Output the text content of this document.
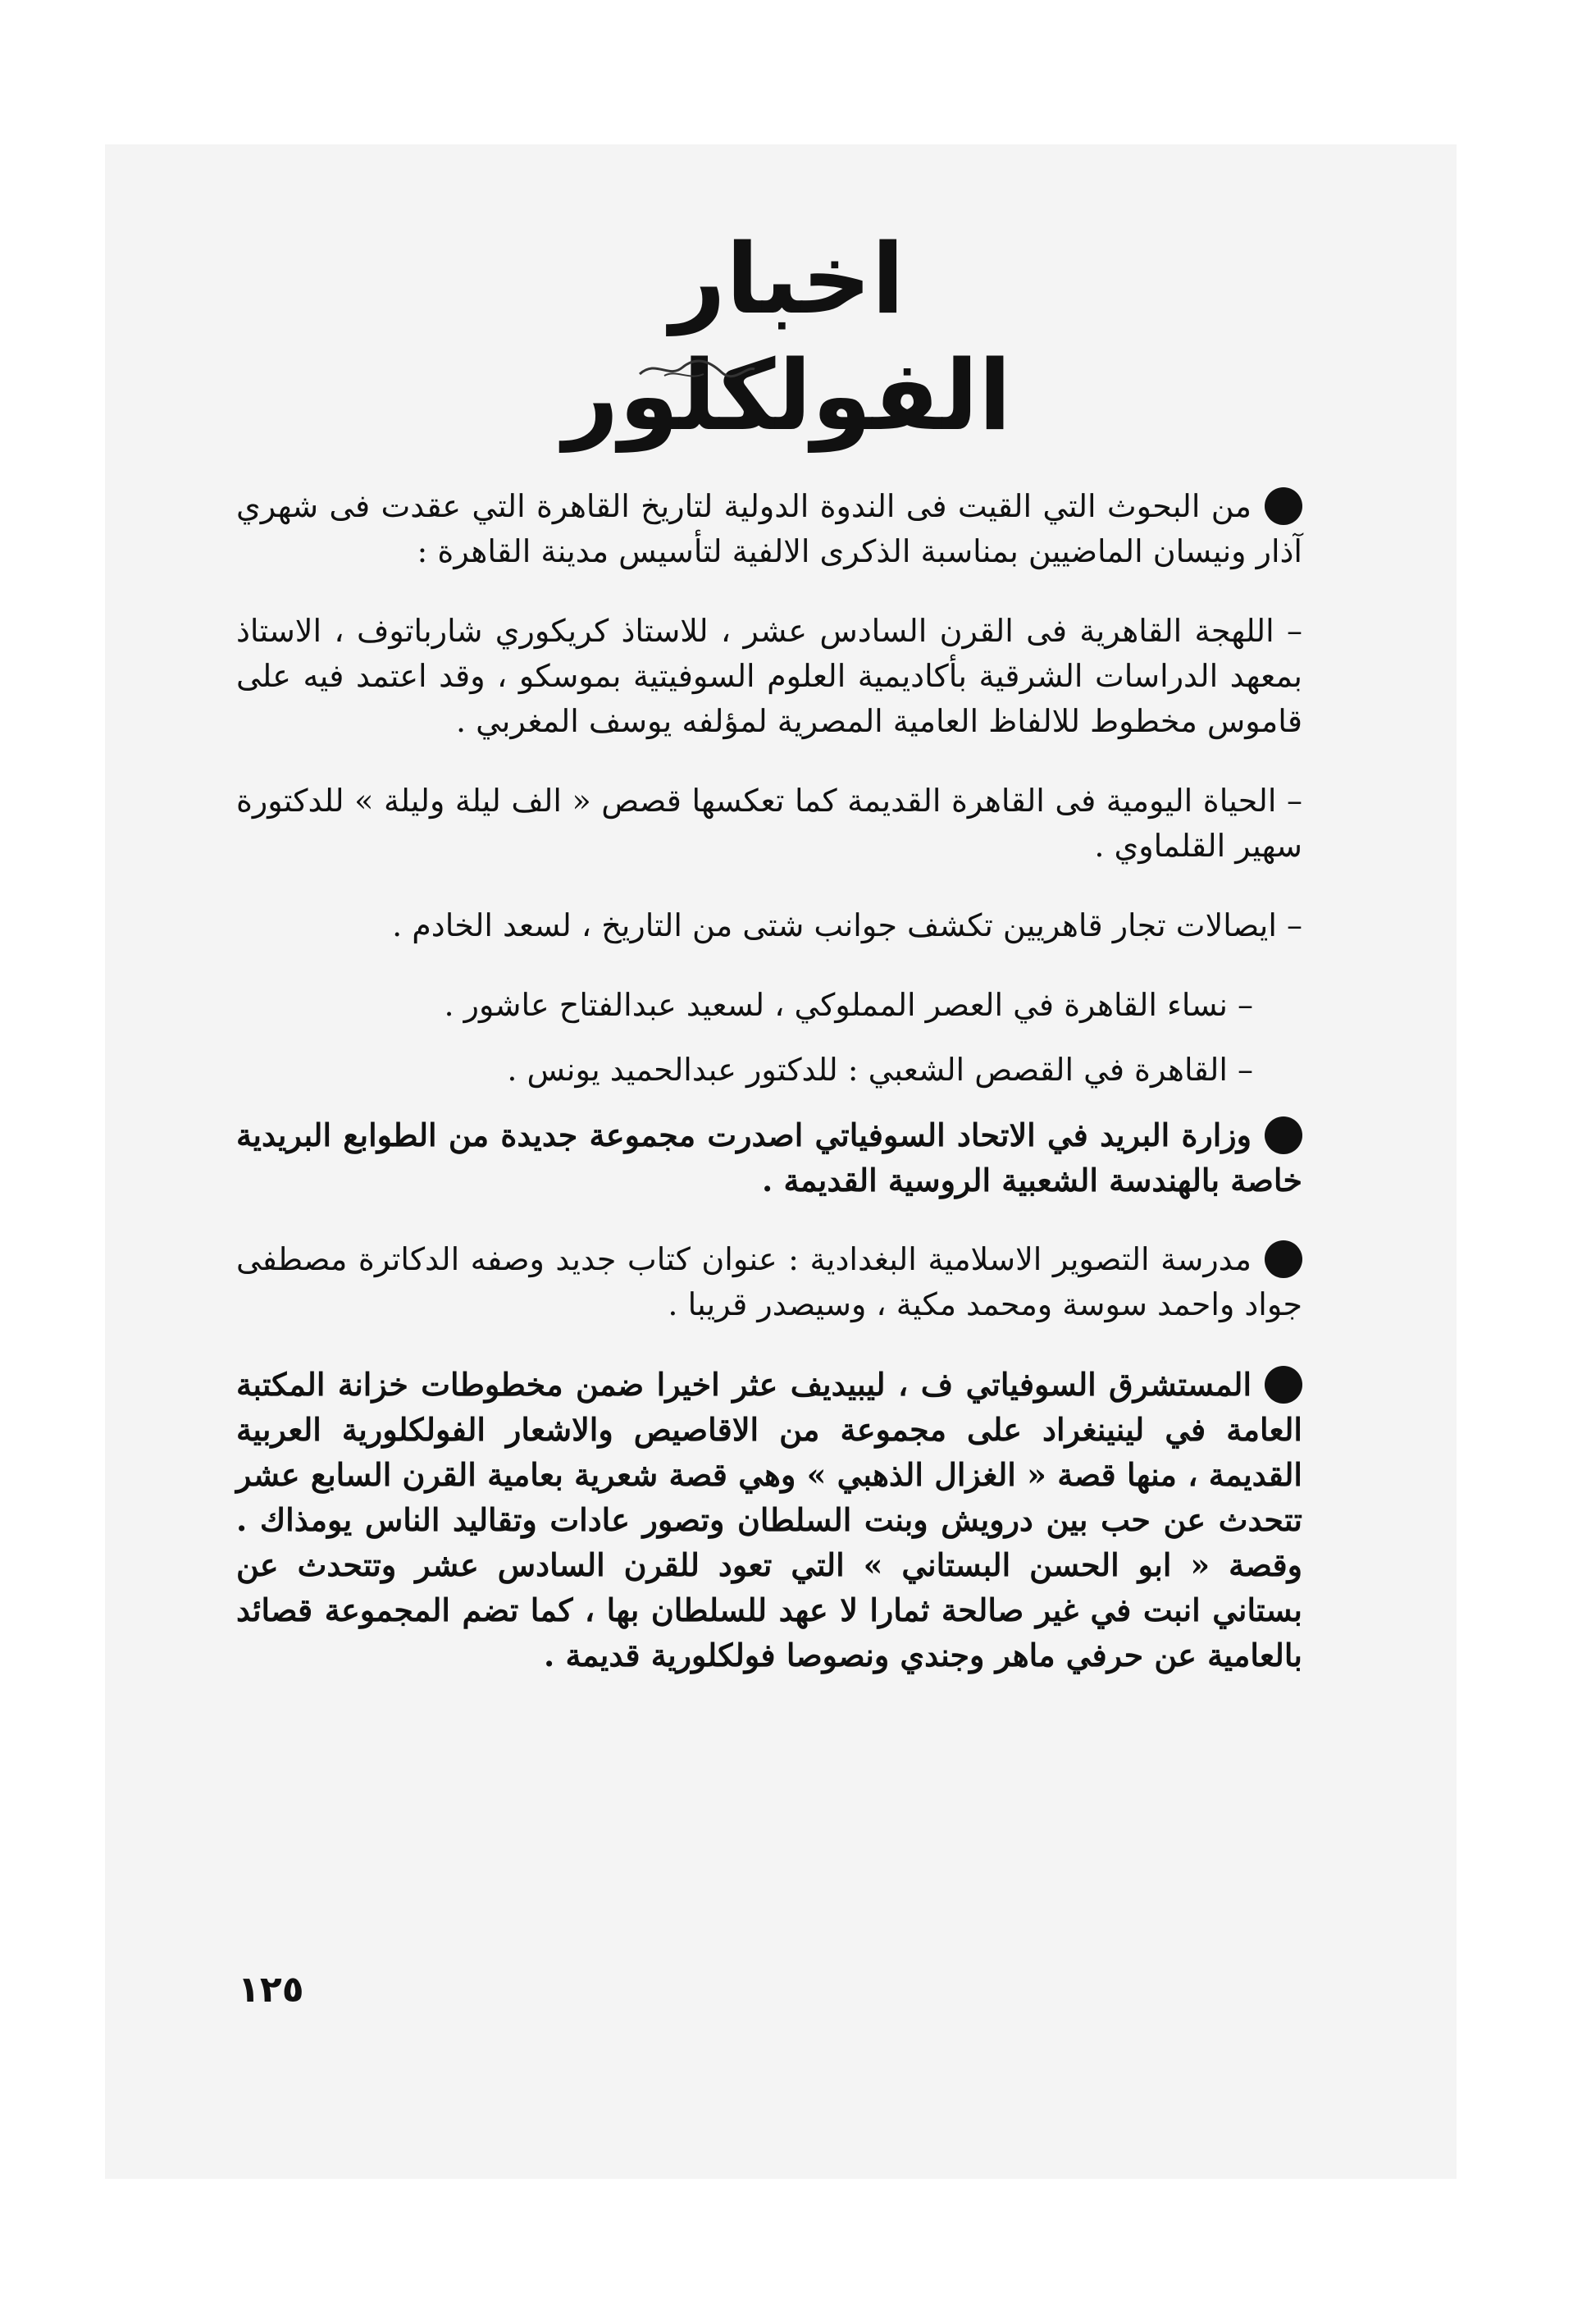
اخبار الفولكلور

من البحوث التي القيت فى الندوة الدولية لتاريخ القاهرة التي عقدت فى شهري آذار ونيسان الماضيين بمناسبة الذكرى الالفية لتأسيس مدينة القاهرة :

– اللهجة القاهرية فى القرن السادس عشر ، للاستاذ كريكوري شارباتوف ، الاستاذ بمعهد الدراسات الشرقية بأكاديمية العلوم السوفيتية بموسكو ، وقد اعتمد فيه على قاموس مخطوط للالفاظ العامية المصرية لمؤلفه يوسف المغربي .

– الحياة اليومية فى القاهرة القديمة كما تعكسها قصص « الف ليلة وليلة » للدكتورة سهير القلماوي .

– ايصالات تجار قاهريين تكشف جوانب شتى من التاريخ ، لسعد الخادم .

– نساء القاهرة في العصر المملوكي ، لسعيد عبدالفتاح عاشور .

– القاهرة في القصص الشعبي : للدكتور عبدالحميد يونس .

وزارة البريد في الاتحاد السوفياتي اصدرت مجموعة جديدة من الطوابع البريدية خاصة بالهندسة الشعبية الروسية القديمة .

مدرسة التصوير الاسلامية البغدادية : عنوان كتاب جديد وصفه الدكاترة مصطفى جواد واحمد سوسة ومحمد مكية ، وسيصدر قريبا .

المستشرق السوفياتي ف ، ليبيديف عثر اخيرا ضمن مخطوطات خزانة المكتبة العامة في لينينغراد على مجموعة من الاقاصيص والاشعار الفولكلورية العربية القديمة ، منها قصة « الغزال الذهبي » وهي قصة شعرية بعامية القرن السابع عشر تتحدث عن حب بين درويش وبنت السلطان وتصور عادات وتقاليد الناس يومذاك . وقصة « ابو الحسن البستاني » التي تعود للقرن السادس عشر وتتحدث عن بستاني انبت في غير صالحة ثمارا لا عهد للسلطان بها ، كما تضم المجموعة قصائد بالعامية عن حرفي ماهر وجندي ونصوصا فولكلورية قديمة .

١٢٥
